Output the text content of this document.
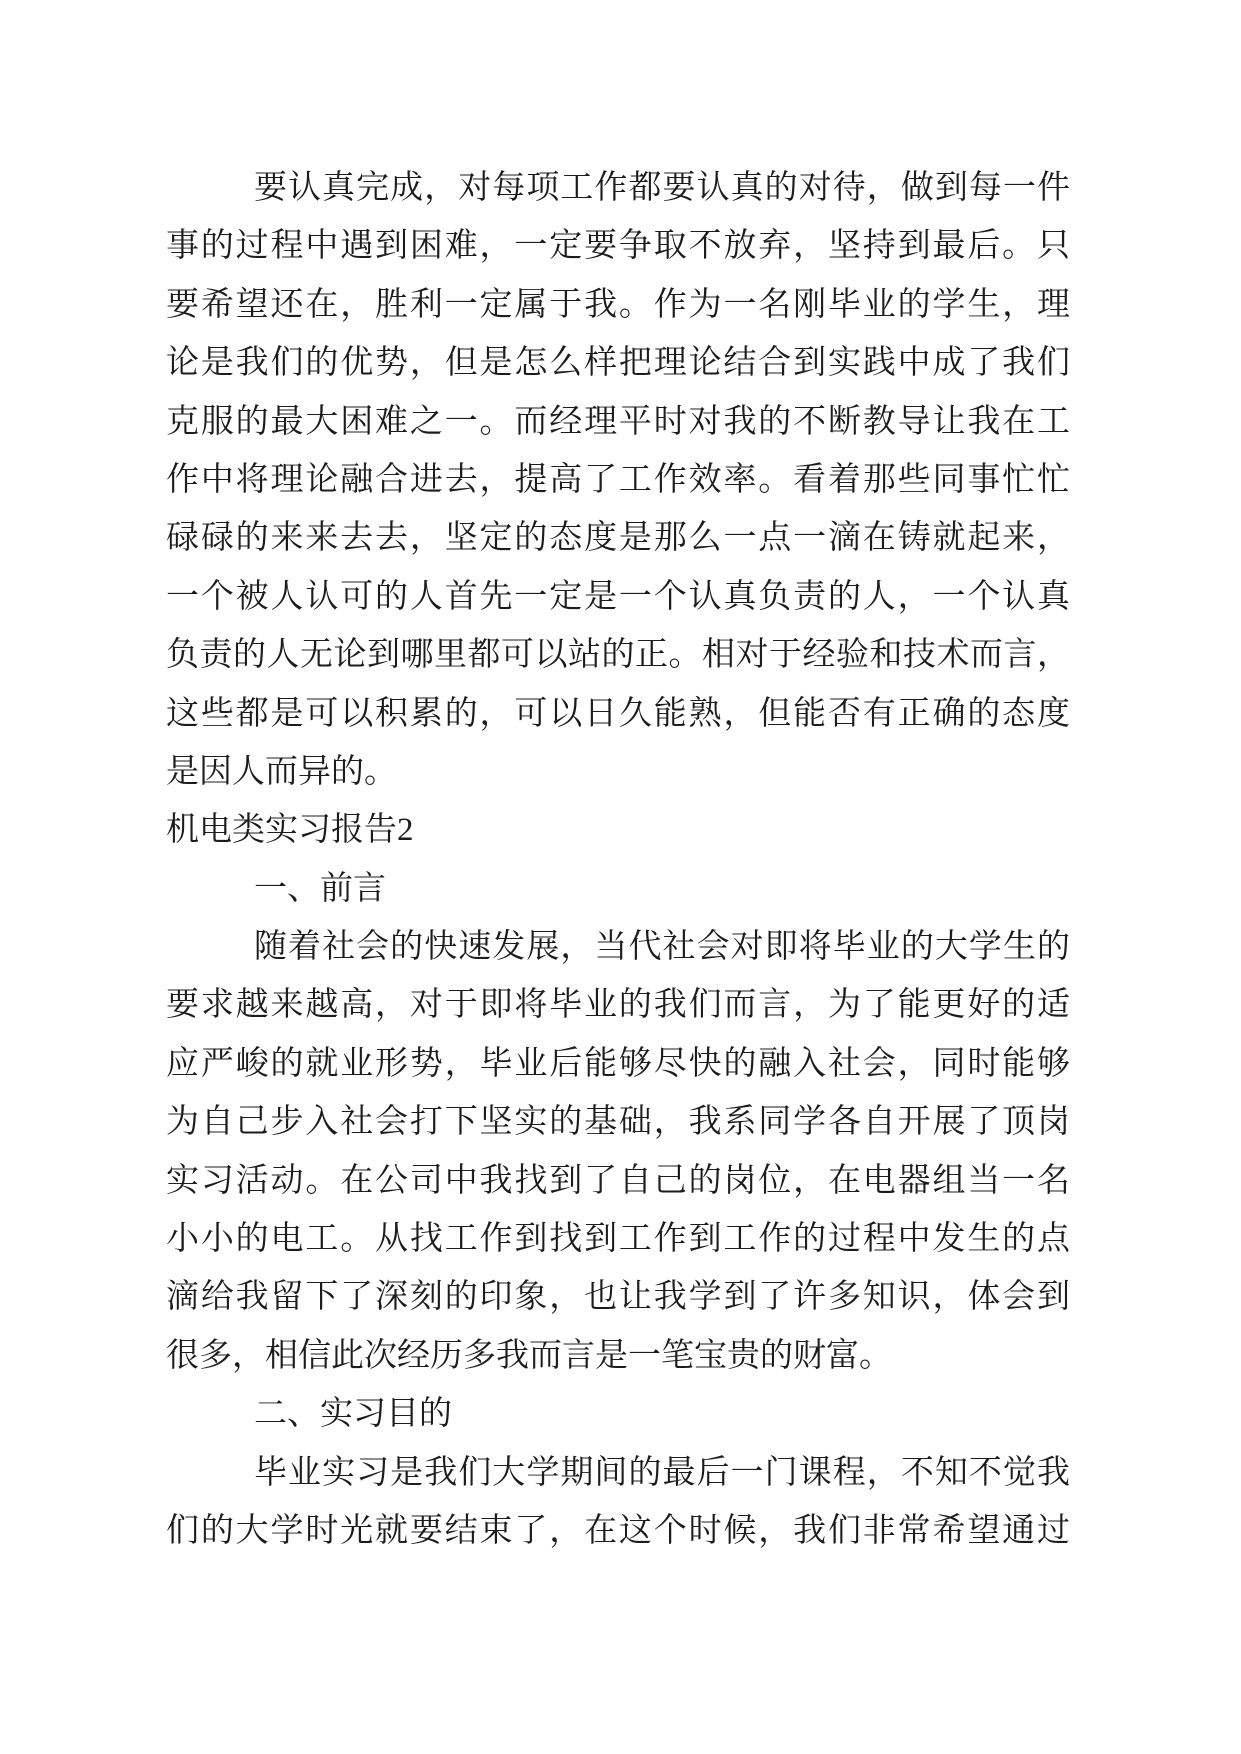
要认真完成，对每项工作都要认真的对待，做到每一件
事的过程中遇到困难，一定要争取不放弃，坚持到最后。只
要希望还在，胜利一定属于我。作为一名刚毕业的学生，理
论是我们的优势，但是怎么样把理论结合到实践中成了我们
克服的最大困难之一。而经理平时对我的不断教导让我在工
作中将理论融合进去，提高了工作效率。看着那些同事忙忙
碌碌的来来去去，坚定的态度是那么一点一滴在铸就起来，
一个被人认可的人首先一定是一个认真负责的人，一个认真
负责的人无论到哪里都可以站的正。相对于经验和技术而言，
这些都是可以积累的，可以日久能熟，但能否有正确的态度
是因人而异的。
机电类实习报告2
一、前言
随着社会的快速发展，当代社会对即将毕业的大学生的
要求越来越高，对于即将毕业的我们而言，为了能更好的适
应严峻的就业形势，毕业后能够尽快的融入社会，同时能够
为自己步入社会打下坚实的基础，我系同学各自开展了顶岗
实习活动。在公司中我找到了自己的岗位，在电器组当一名
小小的电工。从找工作到找到工作到工作的过程中发生的点
滴给我留下了深刻的印象，也让我学到了许多知识，体会到
很多，相信此次经历多我而言是一笔宝贵的财富。
二、实习目的
毕业实习是我们大学期间的最后一门课程，不知不觉我
们的大学时光就要结束了，在这个时候，我们非常希望通过
